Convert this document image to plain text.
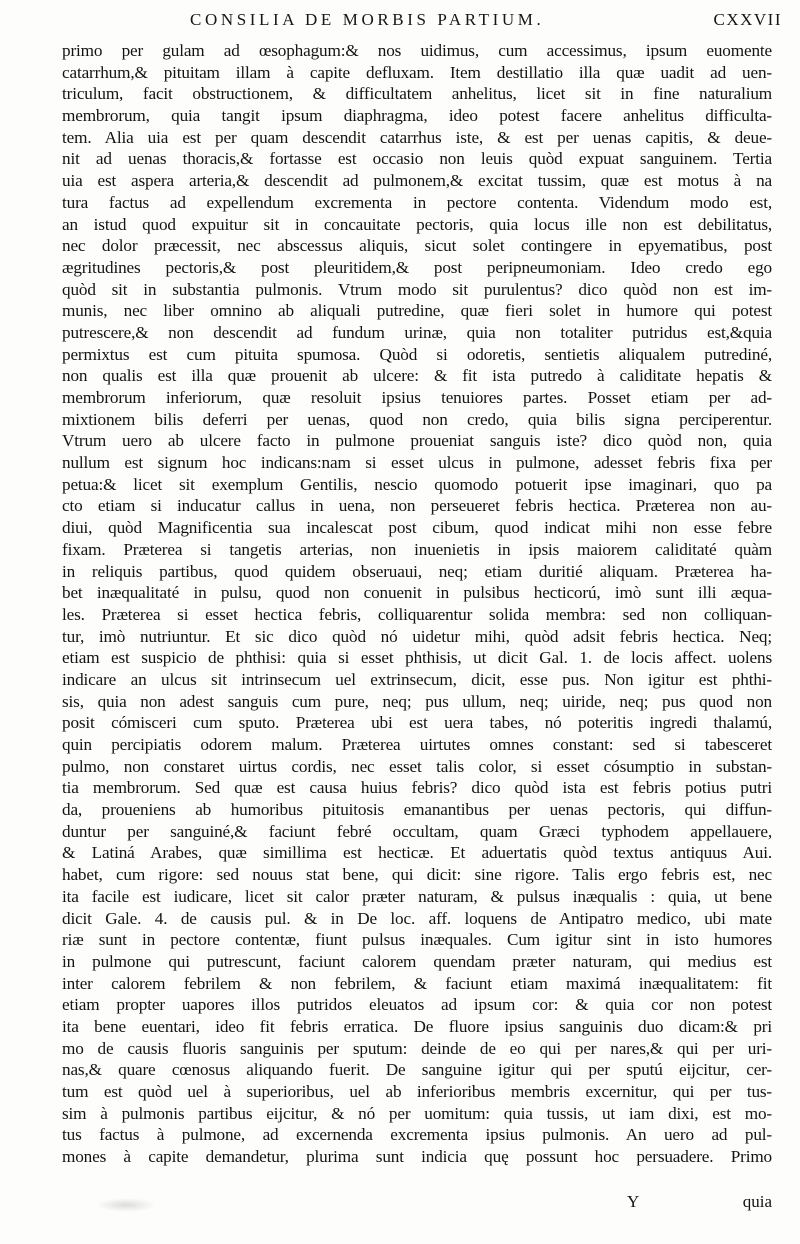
CONSILIA DE MORBIS PARTIUM.	CXXVII
primo per gulam ad œsophagum:& nos uidimus, cum accessimus, ipsum euomente
catarrhum,& pituitam illam à capite defluxam. Item destillatio illa quæ uadit ad uen-
triculum, facit obstructionem, & difficultatem anhelitus, licet sit in fine naturalium
membrorum, quia tangit ipsum diaphragma, ideo potest facere anhelitus difficulta-
tem. Alia uia est per quam descendit catarrhus iste, & est per uenas capitis, & deue-
nit ad uenas thoracis,& fortasse est occasio non leuis quòd expuat sanguinem. Tertia
uia est aspera arteria,& descendit ad pulmonem,& excitat tussim, quæ est motus à na
tura factus ad expellendum excrementa in pectore contenta. Videndum modo est,
an istud quod expuitur sit in concauitate pectoris, quia locus ille non est debilitatus,
nec dolor præcessit, nec abscessus aliquis, sicut solet contingere in epyematibus, post
ægritudines pectoris,& post pleuritidem,& post peripneumoniam. Ideo credo ego
quòd sit in substantia pulmonis. Vtrum modo sit purulentus? dico quòd non est im-
munis, nec liber omnino ab aliquali putredine, quæ fieri solet in humore qui potest
putrescere,& non descendit ad fundum urinæ, quia non totaliter putridus est,&quia
permixtus est cum pituita spumosa. Quòd si odoretis, sentietis aliqualem putrediné,
non qualis est illa quæ prouenit ab ulcere: & fit ista putredo à caliditate hepatis &
membrorum inferiorum, quæ resoluit ipsius tenuiores partes. Posset etiam per ad-
mixtionem bilis deferri per uenas, quod non credo, quia bilis signa perciperentur.
Vtrum uero ab ulcere facto in pulmone proueniat sanguis iste? dico quòd non, quia
nullum est signum hoc indicans:nam si esset ulcus in pulmone, adesset febris fixa per
petua:& licet sit exemplum Gentilis, nescio quomodo potuerit ipse imaginari, quo pa
cto etiam si inducatur callus in uena, non perseueret febris hectica. Præterea non au-
diui, quòd Magnificentia sua incalescat post cibum, quod indicat mihi non esse febre
fixam. Præterea si tangetis arterias, non inuenietis in ipsis maiorem caliditaté quàm
in reliquis partibus, quod quidem obseruaui, neq; etiam duritié aliquam. Præterea ha-
bet inæqualitaté in pulsu, quod non conuenit in pulsibus hecticorú, imò sunt illi æqua-
les. Præterea si esset hectica febris, colliquarentur solida membra: sed non colliquan-
tur, imò nutriuntur. Et sic dico quòd nó uidetur mihi, quòd adsit febris hectica. Neq;
etiam est suspicio de phthisi: quia si esset phthisis, ut dicit Gal. 1. de locis affect. uolens
indicare an ulcus sit intrinsecum uel extrinsecum, dicit, esse pus. Non igitur est phthi-
sis, quia non adest sanguis cum pure, neq; pus ullum, neq; uiride, neq; pus quod non
posit cómisceri cum sputo. Præterea ubi est uera tabes, nó poteritis ingredi thalamú,
quin percipiatis odorem malum. Præterea uirtutes omnes constant: sed si tabesceret
pulmo, non constaret uirtus cordis, nec esset talis color, si esset cósumptio in substan-
tia membrorum. Sed quæ est causa huius febris? dico quòd ista est febris potius putri
da, proueniens ab humoribus pituitosis emanantibus per uenas pectoris, qui diffun-
duntur per sanguiné,& faciunt febré occultam, quam Græci typhodem appellauere,
& Latiná Arabes, quæ simillima est hecticæ. Et aduertatis quòd textus antiquus Aui.
habet, cum rigore: sed nouus stat bene, qui dicit: sine rigore. Talis ergo febris est, nec
ita facile est iudicare, licet sit calor præter naturam, & pulsus inæqualis : quia, ut bene
dicit Gale. 4. de causis pul. & in De loc. aff. loquens de Antipatro medico, ubi mate
riæ sunt in pectore contentæ, fiunt pulsus inæquales. Cum igitur sint in isto humores
in pulmone qui putrescunt, faciunt calorem quendam præter naturam, qui medius est
inter calorem febrilem & non febrilem, & faciunt etiam maximá inæqualitatem: fit
etiam propter uapores illos putridos eleuatos ad ipsum cor: & quia cor non potest
ita bene euentari, ideo fit febris erratica. De fluore ipsius sanguinis duo dicam:& pri
mo de causis fluoris sanguinis per sputum: deinde de eo qui per nares,& qui per uri-
nas,& quare cœnosus aliquando fuerit. De sanguine igitur qui per sputú eijcitur, cer-
tum est quòd uel à superioribus, uel ab inferioribus membris excernitur, qui per tus-
sim à pulmonis partibus eijcitur, & nó per uomitum: quia tussis, ut iam dixi, est mo-
tus factus à pulmone, ad excernenda excrementa ipsius pulmonis. An uero ad pul-
mones à capite demandetur, plurima sunt indicia quę possunt hoc persuadere. Primo
Y	quia
